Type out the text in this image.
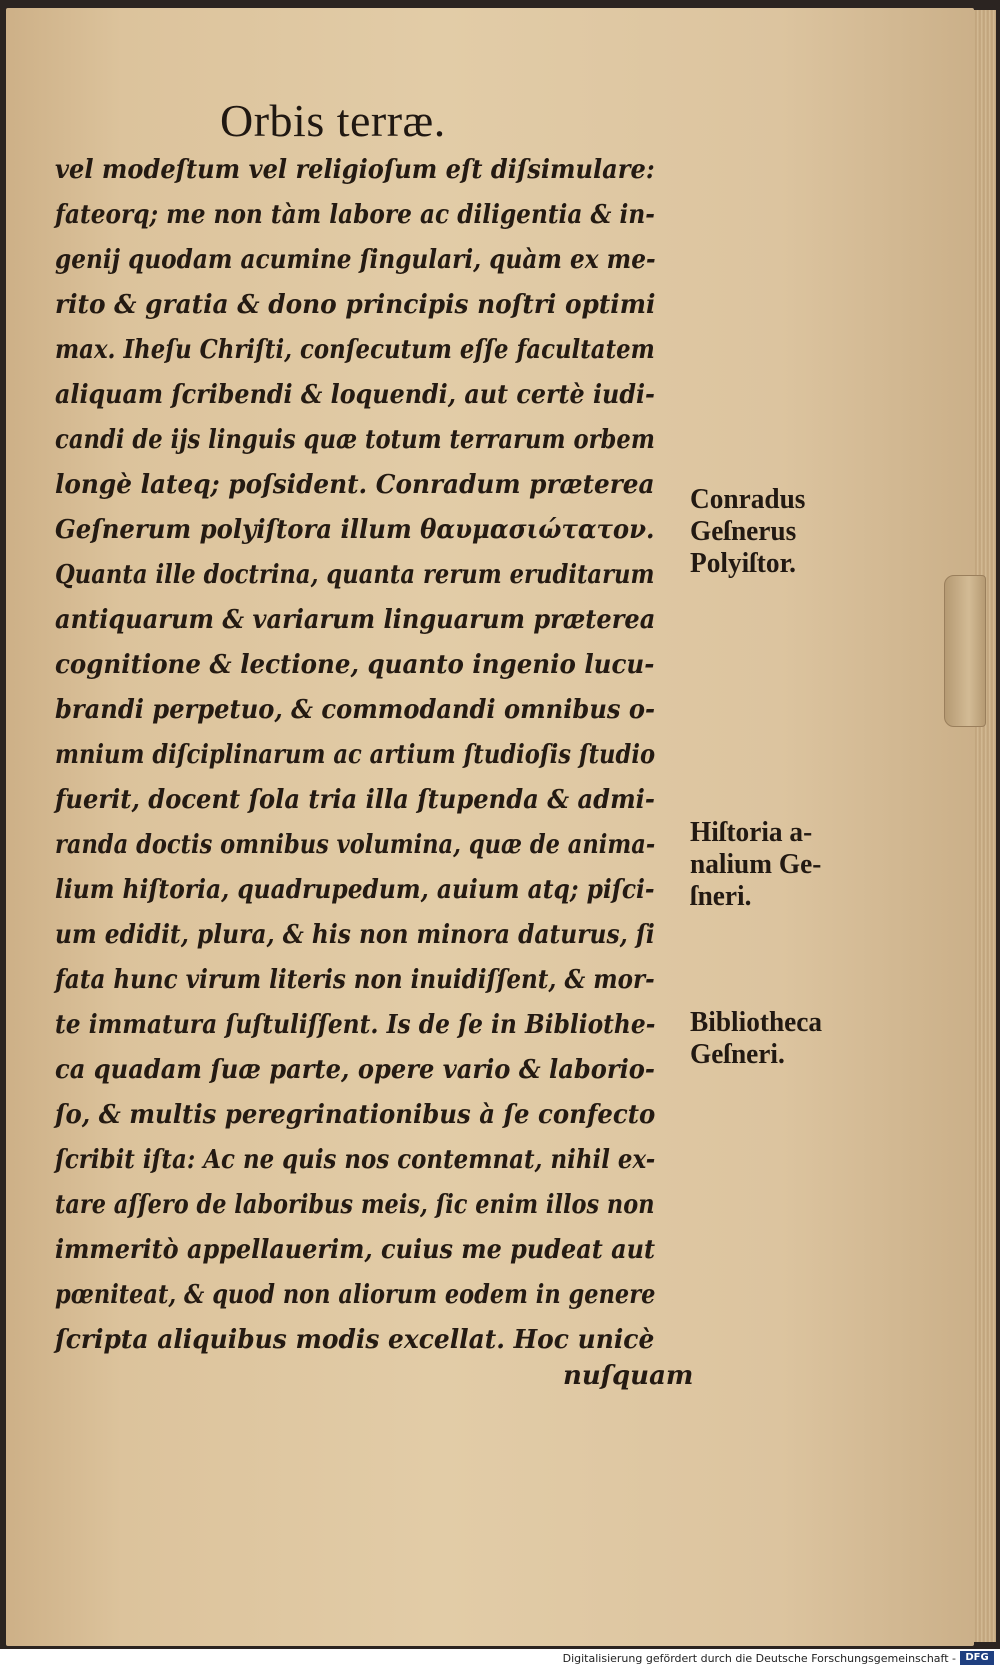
Orbis terræ.
vel modeſtum vel religioſum eſt diſsimulare:
fateorq; me non tàm labore ac diligentia & in-
genij quodam acumine ſingulari, quàm ex me-
rito & gratia & dono principis noſtri optimi
max. Iheſu Chriſti, conſecutum eſſe facultatem
aliquam ſcribendi & loquendi, aut certè iudi-
candi de ijs linguis quæ totum terrarum orbem
longè lateq; poſsident. Conradum præterea
Geſnerum polyiſtora illum θαυμασιώτατον.
Quanta ille doctrina, quanta rerum eruditarum
antiquarum & variarum linguarum præterea
cognitione & lectione, quanto ingenio lucu-
brandi perpetuo, & commodandi omnibus o-
mnium diſciplinarum ac artium ſtudioſis ſtudio
fuerit, docent ſola tria illa ſtupenda & admi-
randa doctis omnibus volumina, quæ de anima-
lium hiſtoria, quadrupedum, auium atq; piſci-
um edidit, plura, & his non minora daturus, ſi
fata hunc virum literis non inuidiſſent, & mor-
te immatura ſuſtuliſſent. Is de ſe in Bibliothe-
ca quadam ſuæ parte, opere vario & laborio-
ſo, & multis peregrinationibus à ſe confecto
ſcribit iſta: Ac ne quis nos contemnat, nihil ex-
tare aſſero de laboribus meis, ſic enim illos non
immeritò appellauerim, cuius me pudeat aut
pœniteat, & quod non aliorum eodem in genere
ſcripta aliquibus modis excellat. Hoc unicè
nuſquam
Conradus
Geſnerus
Polyiſtor.
Hiſtoria a-
nalium Ge-
ſneri.
Bibliotheca
Geſneri.
Digitalisierung gefördert durch die Deutsche Forschungsgemeinschaft - DFG
